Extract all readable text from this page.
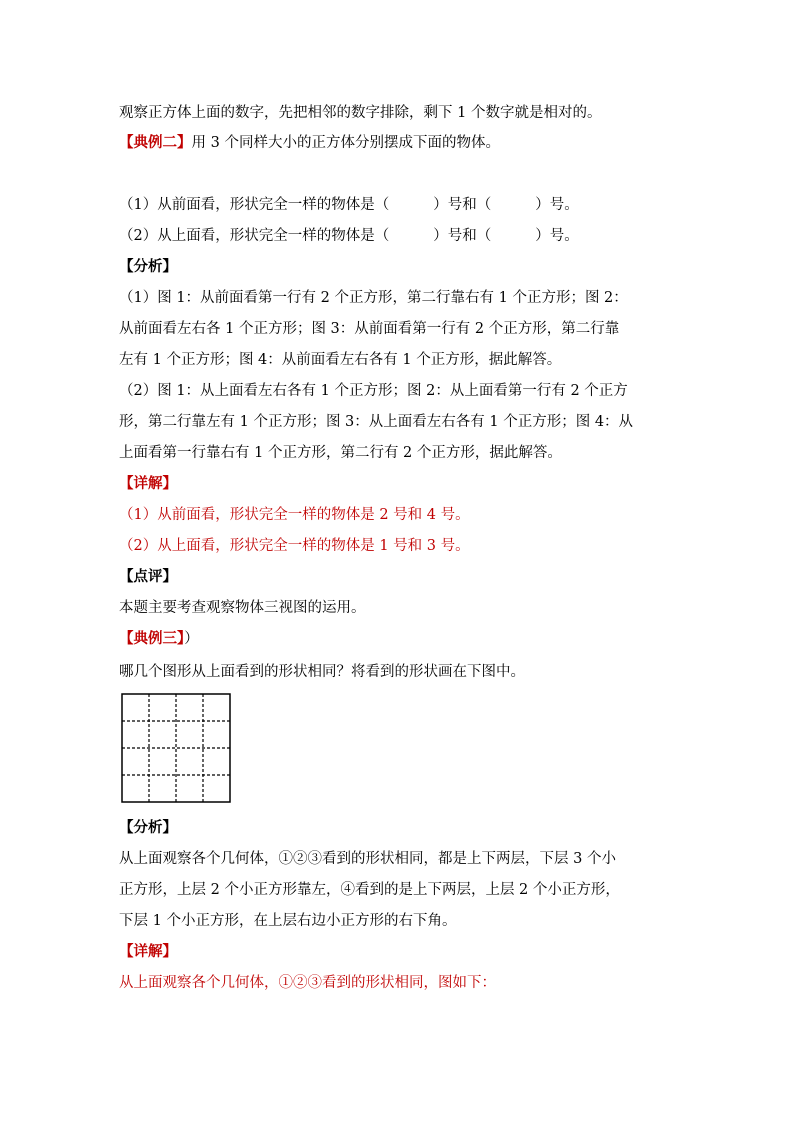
观察正方体上面的数字，先把相邻的数字排除，剩下 1 个数字就是相对的。
【典例二】用 3 个同样大小的正方体分别摆成下面的物体。
（1）从前面看，形状完全一样的物体是（	）号和（	）号。
（2）从上面看，形状完全一样的物体是（	）号和（	）号。
【分析】
（1）图 1：从前面看第一行有 2 个正方形，第二行靠右有 1 个正方形；图 2：
从前面看左右各 1 个正方形；图 3：从前面看第一行有 2 个正方形，第二行靠
左有 1 个正方形；图 4：从前面看左右各有 1 个正方形，据此解答。
（2）图 1：从上面看左右各有 1 个正方形；图 2：从上面看第一行有 2 个正方
形，第二行靠左有 1 个正方形；图 3：从上面看左右各有 1 个正方形；图 4：从
上面看第一行靠右有 1 个正方形，第二行有 2 个正方形，据此解答。
【详解】
（1）从前面看，形状完全一样的物体是 2 号和 4 号。
（2）从上面看，形状完全一样的物体是 1 号和 3 号。
【点评】
本题主要考查观察物体三视图的运用。
【典例三】）
哪几个图形从上面看到的形状相同？将看到的形状画在下图中。
【分析】
从上面观察各个几何体，①②③看到的形状相同，都是上下两层，下层 3 个小
正方形，上层 2 个小正方形靠左，④看到的是上下两层，上层 2 个小正方形，
下层 1 个小正方形，在上层右边小正方形的右下角。
【详解】
从上面观察各个几何体，①②③看到的形状相同，图如下：
